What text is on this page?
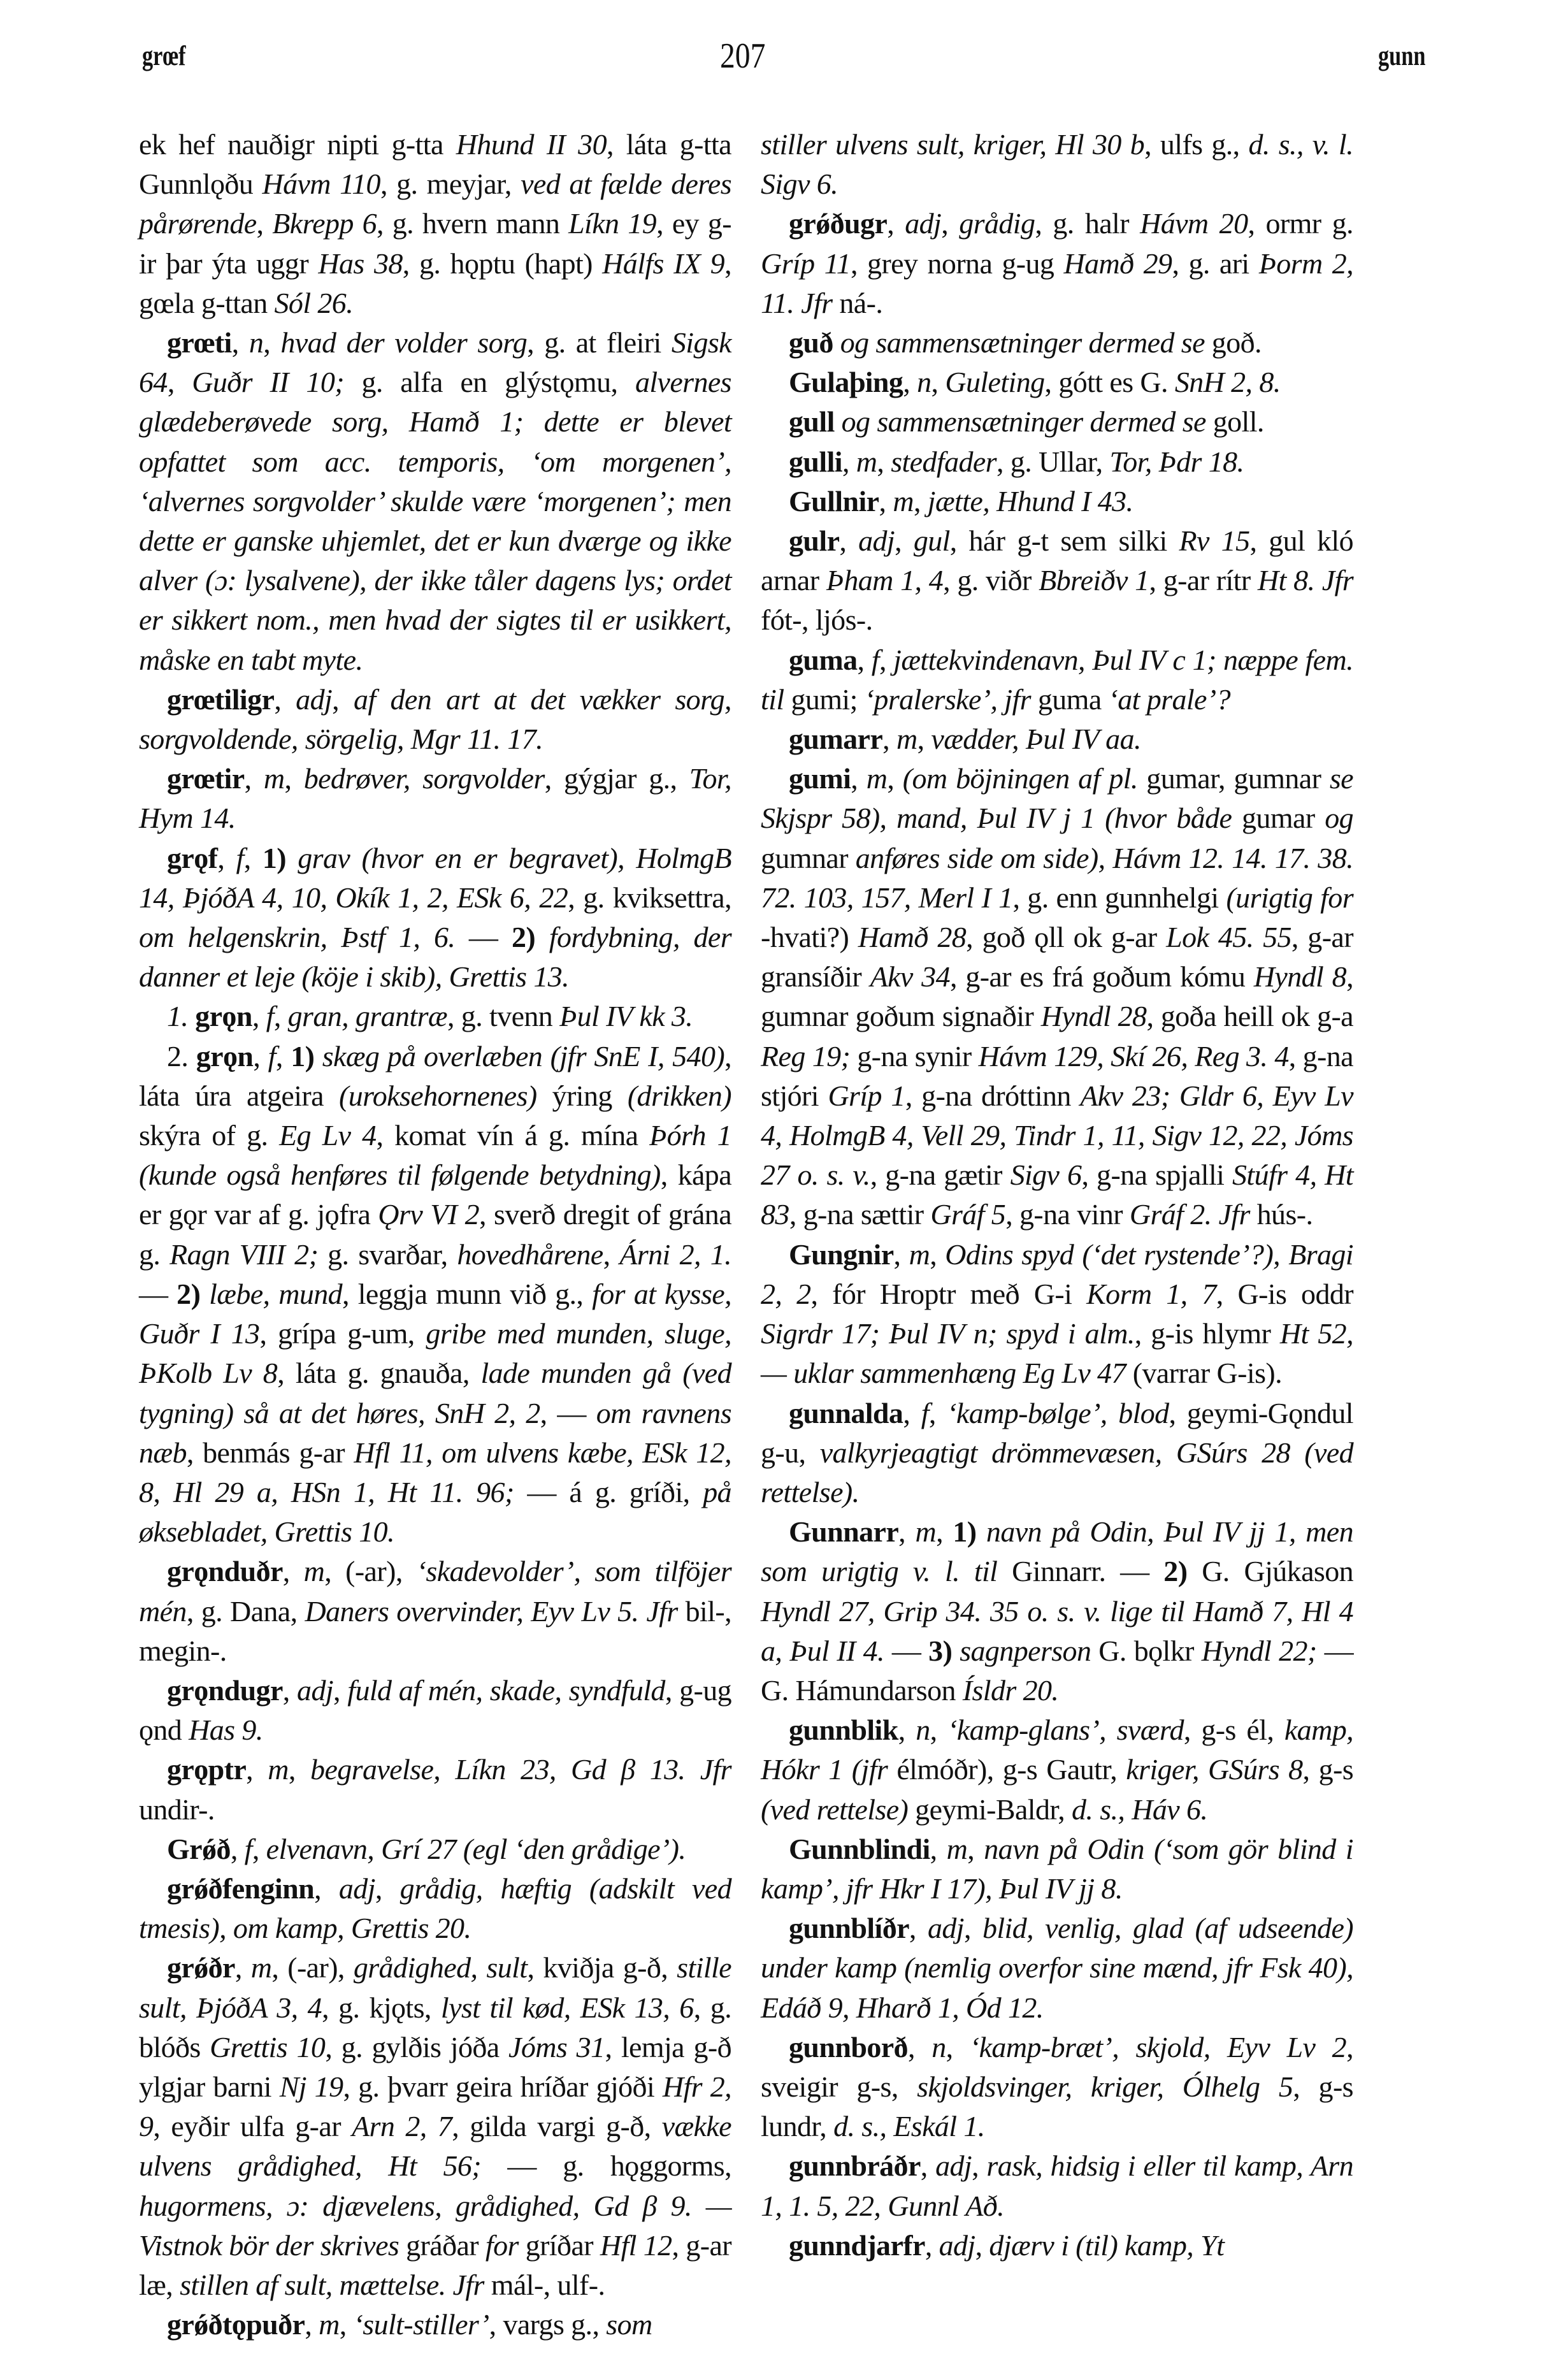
grœf	207	gunn

ek hef nauðigr nipti g-tta Hhund II 30, láta g-tta Gunnlǫðu Hávm 110, g. meyjar, ved at fælde deres pårørende, Bkrepp 6, g. hvern mann Líkn 19, ey g-ir þar ýta uggr Has 38, g. hǫptu (hapt) Hálfs IX 9, gœla g-ttan Sól 26.

grœti, n, hvad der volder sorg, g. at fleiri Sigsk 64, Guðr II 10; g. alfa en glýstǫmu, alvernes glædeberøvede sorg, Hamð 1; dette er blevet opfattet som acc. temporis, ‘om morgenen’, ‘alvernes sorgvolder’ skulde være ‘morgenen’; men dette er ganske uhjemlet, det er kun dværge og ikke alver (ɔ: lysalvene), der ikke tåler dagens lys; ordet er sikkert nom., men hvad der sigtes til er usikkert, måske en tabt myte.

grœtiligr, adj, af den art at det vækker sorg, sorgvoldende, sörgelig, Mgr 11. 17.

grœtir, m, bedrøver, sorgvolder, gýgjar g., Tor, Hym 14.

grǫf, f, 1) grav (hvor en er begravet), HolmgB 14, ÞjóðA 4, 10, Okík 1, 2, ESk 6, 22, g. kviksettra, om helgenskrin, Þstf 1, 6. — 2) fordybning, der danner et leje (köje i skib), Grettis 13.

1. grǫn, f, gran, grantræ, g. tvenn Þul IV kk 3.

2. grǫn, f, 1) skæg på overlæben (jfr SnE I, 540), láta úra atgeira (uroksehornenes) ýring (drikken) skýra of g. Eg Lv 4, komat vín á g. mína Þórh 1 (kunde også henføres til følgende betydning), kápa er gǫr var af g. jǫfra Ǫrv VI 2, sverð dregit of grána g. Ragn VIII 2; g. svarðar, hovedhårene, Árni 2, 1. — 2) læbe, mund, leggja munn við g., for at kysse, Guðr I 13, grípa g-um, gribe med munden, sluge, ÞKolb Lv 8, láta g. gnauða, lade munden gå (ved tygning) så at det høres, SnH 2, 2, — om ravnens næb, benmás g-ar Hfl 11, om ulvens kæbe, ESk 12, 8, Hl 29 a, HSn 1, Ht 11. 96; — á g. gríði, på øksebladet, Grettis 10.

grǫnduðr, m, (-ar), ‘skadevolder’, som tilföjer mén, g. Dana, Daners overvinder, Eyv Lv 5. Jfr bil-, megin-.

grǫndugr, adj, fuld af mén, skade, syndfuld, g-ug ǫnd Has 9.

grǫptr, m, begravelse, Líkn 23, Gd β 13. Jfr undir-.

Grǿð, f, elvenavn, Grí 27 (egl ‘den grådige’).

grǿðfenginn, adj, grådig, hæftig (adskilt ved tmesis), om kamp, Grettis 20.

grǿðr, m, (-ar), grådighed, sult, kviðja g-ð, stille sult, ÞjóðA 3, 4, g. kjǫts, lyst til kød, ESk 13, 6, g. blóðs Grettis 10, g. gylðis jóða Jóms 31, lemja g-ð ylgjar barni Nj 19, g. þvarr geira hríðar gjóði Hfr 2, 9, eyðir ulfa g-ar Arn 2, 7, gilda vargi g-ð, vække ulvens grådighed, Ht 56; — g. hǫggorms, hugormens, ɔ: djævelens, grådighed, Gd β 9. — Vistnok bör der skrives gráðar for gríðar Hfl 12, g-ar læ, stillen af sult, mættelse. Jfr mál-, ulf-.

grǿðtǫpuðr, m, ‘sult-stiller’, vargs g., som

stiller ulvens sult, kriger, Hl 30 b, ulfs g., d. s., v. l. Sigv 6.

grǿðugr, adj, grådig, g. halr Hávm 20, ormr g. Gríp 11, grey norna g-ug Hamð 29, g. ari Þorm 2, 11. Jfr ná-.

guð og sammensætninger dermed se goð.

Gulaþing, n, Guleting, gótt es G. SnH 2, 8.

gull og sammensætninger dermed se goll.

gulli, m, stedfader, g. Ullar, Tor, Þdr 18.

Gullnir, m, jætte, Hhund I 43.

gulr, adj, gul, hár g-t sem silki Rv 15, gul kló arnar Þham 1, 4, g. viðr Bbreiðv 1, g-ar rítr Ht 8. Jfr fót-, ljós-.

guma, f, jættekvindenavn, Þul IV c 1; næppe fem. til gumi; ‘pralerske’, jfr guma ‘at prale’?

gumarr, m, vædder, Þul IV aa.

gumi, m, (om böjningen af pl. gumar, gumnar se Skjspr 58), mand, Þul IV j 1 (hvor både gumar og gumnar anføres side om side), Hávm 12. 14. 17. 38. 72. 103, 157, Merl I 1, g. enn gunnhelgi (urigtig for -hvati?) Hamð 28, goð ǫll ok g-ar Lok 45. 55, g-ar gransíðir Akv 34, g-ar es frá goðum kómu Hyndl 8, gumnar goðum signaðir Hyndl 28, goða heill ok g-a Reg 19; g-na synir Hávm 129, Skí 26, Reg 3. 4, g-na stjóri Gríp 1, g-na dróttinn Akv 23; Gldr 6, Eyv Lv 4, HolmgB 4, Vell 29, Tindr 1, 11, Sigv 12, 22, Jóms 27 o. s. v., g-na gætir Sigv 6, g-na spjalli Stúfr 4, Ht 83, g-na sættir Gráf 5, g-na vinr Gráf 2. Jfr hús-.

Gungnir, m, Odins spyd (‘det rystende’?), Bragi 2, 2, fór Hroptr með G-i Korm 1, 7, G-is oddr Sigrdr 17; Þul IV n; spyd i alm., g-is hlymr Ht 52, — uklar sammenhæng Eg Lv 47 (varrar G-is).

gunnalda, f, ‘kamp-bølge’, blod, geymi-Gǫndul g-u, valkyrjeagtigt drömmevæsen, GSúrs 28 (ved rettelse).

Gunnarr, m, 1) navn på Odin, Þul IV jj 1, men som urigtig v. l. til Ginnarr. — 2) G. Gjúkason Hyndl 27, Grip 34. 35 o. s. v. lige til Hamð 7, Hl 4 a, Þul II 4. — 3) sagnperson G. bǫlkr Hyndl 22; — G. Hámundarson Ísldr 20.

gunnblik, n, ‘kamp-glans’, sværd, g-s él, kamp, Hókr 1 (jfr élmóðr), g-s Gautr, kriger, GSúrs 8, g-s (ved rettelse) geymi-Baldr, d. s., Háv 6.

Gunnblindi, m, navn på Odin (‘som gör blind i kamp’, jfr Hkr I 17), Þul IV jj 8.

gunnblíðr, adj, blid, venlig, glad (af udseende) under kamp (nemlig overfor sine mænd, jfr Fsk 40), Edáð 9, Hharð 1, Ód 12.

gunnborð, n, ‘kamp-bræt’, skjold, Eyv Lv 2, sveigir g-s, skjoldsvinger, kriger, Ólhelg 5, g-s lundr, d. s., Eskál 1.

gunnbráðr, adj, rask, hidsig i eller til kamp, Arn 1, 1. 5, 22, Gunnl Að.

gunndjarfr, adj, djærv i (til) kamp, Yt
